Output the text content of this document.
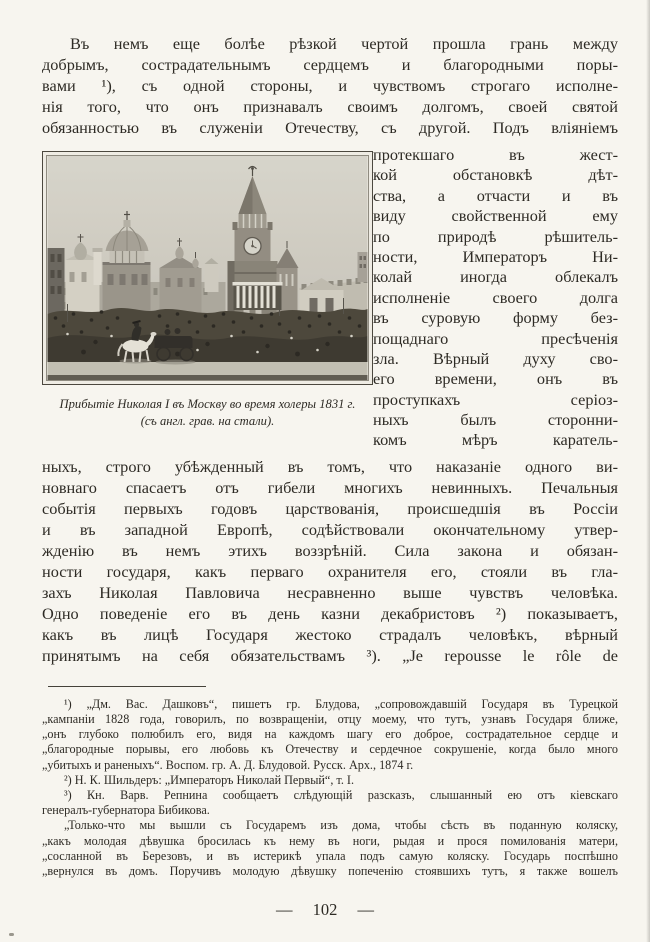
Въ немъ еще болѣе рѣзкой чертой прошла грань между
добрымъ, сострадательнымъ сердцемъ и благородными поры-
вами ¹), съ одной стороны, и чувствомъ строгаго исполне-
нія того, что онъ признавалъ своимъ долгомъ, своей святой
обязанностью въ служеніи Отечеству, съ другой. Подъ вліяніемъ
Прибытіе Николая I въ Москву во время холеры 1831 г.
(съ англ. грав. на стали).
протекшаго въ жест-
кой обстановкѣ дѣт-
ства, а отчасти и въ
виду свойственной ему
по природѣ рѣшитель-
ности, Императоръ Ни-
колай иногда облекалъ
исполненіе своего долга
въ суровую форму без-
пощаднаго пресѣченія
зла. Вѣрный духу сво-
его времени, онъ въ
проступкахъ серіоз-
ныхъ былъ сторонни-
комъ мѣръ каратель-
ныхъ, строго убѣжденный въ томъ, что наказаніе одного ви-
новнаго спасаетъ отъ гибели многихъ невинныхъ. Печальныя
событія первыхъ годовъ царствованія, происшедшія въ Россіи
и въ западной Европѣ, содѣйствовали окончательному утвер-
жденію въ немъ этихъ воззрѣній. Сила закона и обязан-
ности государя, какъ перваго охранителя его, стояли въ гла-
захъ Николая Павловича несравненно выше чувствъ человѣка.
Одно поведеніе его въ день казни декабристовъ ²) показываетъ,
какъ въ лицѣ Государя жестоко страдалъ человѣкъ, вѣрный
принятымъ на себя обязательствамъ ³). „Je repousse le rôle de
¹) „Дм. Вас. Дашковъ“, пишетъ гр. Блудова, „сопровождавшій Государя въ Турецкой
„кампаніи 1828 года, говорилъ, по возвращеніи, отцу моему, что тутъ, узнавъ Государя ближе,
„онъ глубоко полюбилъ его, видя на каждомъ шагу его доброе, сострадательное сердце и
„благородные порывы, его любовь къ Отечеству и сердечное сокрушеніе, когда было много
„убитыхъ и раненыхъ“. Воспом. гр. А. Д. Блудовой. Русск. Арх., 1874 г.
²) Н. К. Шильдеръ: „Императоръ Николай Первый“, т. I.
³) Кн. Варв. Репнина сообщаетъ слѣдующій разсказъ, слышанный ею отъ кіевскаго
генералъ-губернатора Бибикова.
„Только-что мы вышли съ Государемъ изъ дома, чтобы сѣсть въ поданную коляску,
„какъ молодая дѣвушка бросилась къ нему въ ноги, рыдая и прося помилованія матери,
„сосланной въ Березовъ, и въ истерикѣ упала подъ самую коляску. Государь поспѣшно
„вернулся въ домъ. Поручивъ молодую дѣвушку попеченію стоявшихъ тутъ, я также вошелъ
— 102 —
